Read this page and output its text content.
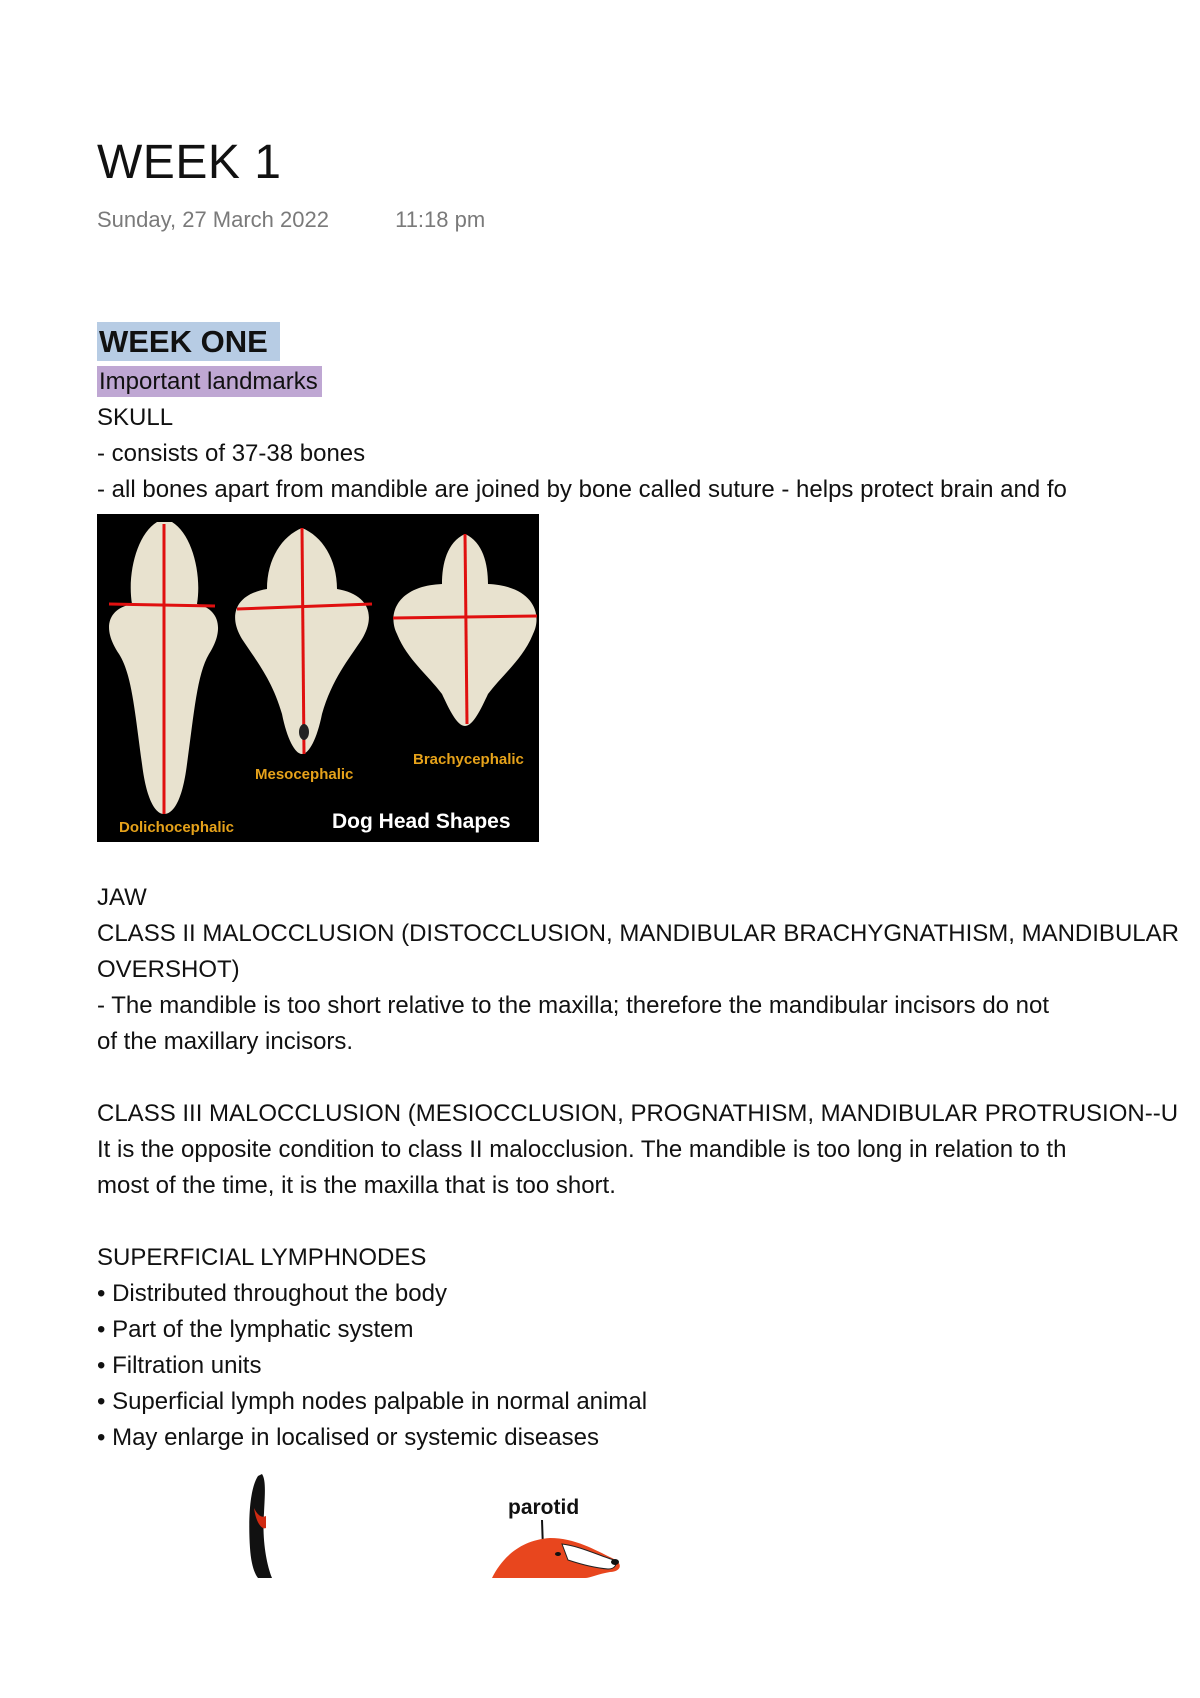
WEEK 1
Sunday, 27 March 2022	11:18 pm
WEEK ONE
Important landmarks
SKULL
- consists of 37-38 bones
- all bones apart from mandible are joined by bone called suture - helps protect brain and fo
Dolichocephalic
Mesocephalic
Brachycephalic
Dog Head Shapes
JAW
CLASS II MALOCCLUSION (DISTOCCLUSION, MANDIBULAR BRACHYGNATHISM, MANDIBULAR
OVERSHOT)
- The mandible is too short relative to the maxilla; therefore the mandibular incisors do not
of the maxillary incisors.
CLASS III MALOCCLUSION (MESIOCCLUSION, PROGNATHISM, MANDIBULAR PROTRUSION--U
It is the opposite condition to class II malocclusion. The mandible is too long in relation to th
most of the time, it is the maxilla that is too short.
SUPERFICIAL LYMPHNODES
• Distributed throughout the body
• Part of the lymphatic system
• Filtration units
• Superficial lymph nodes palpable in normal animal
• May enlarge in localised or systemic diseases
parotid
